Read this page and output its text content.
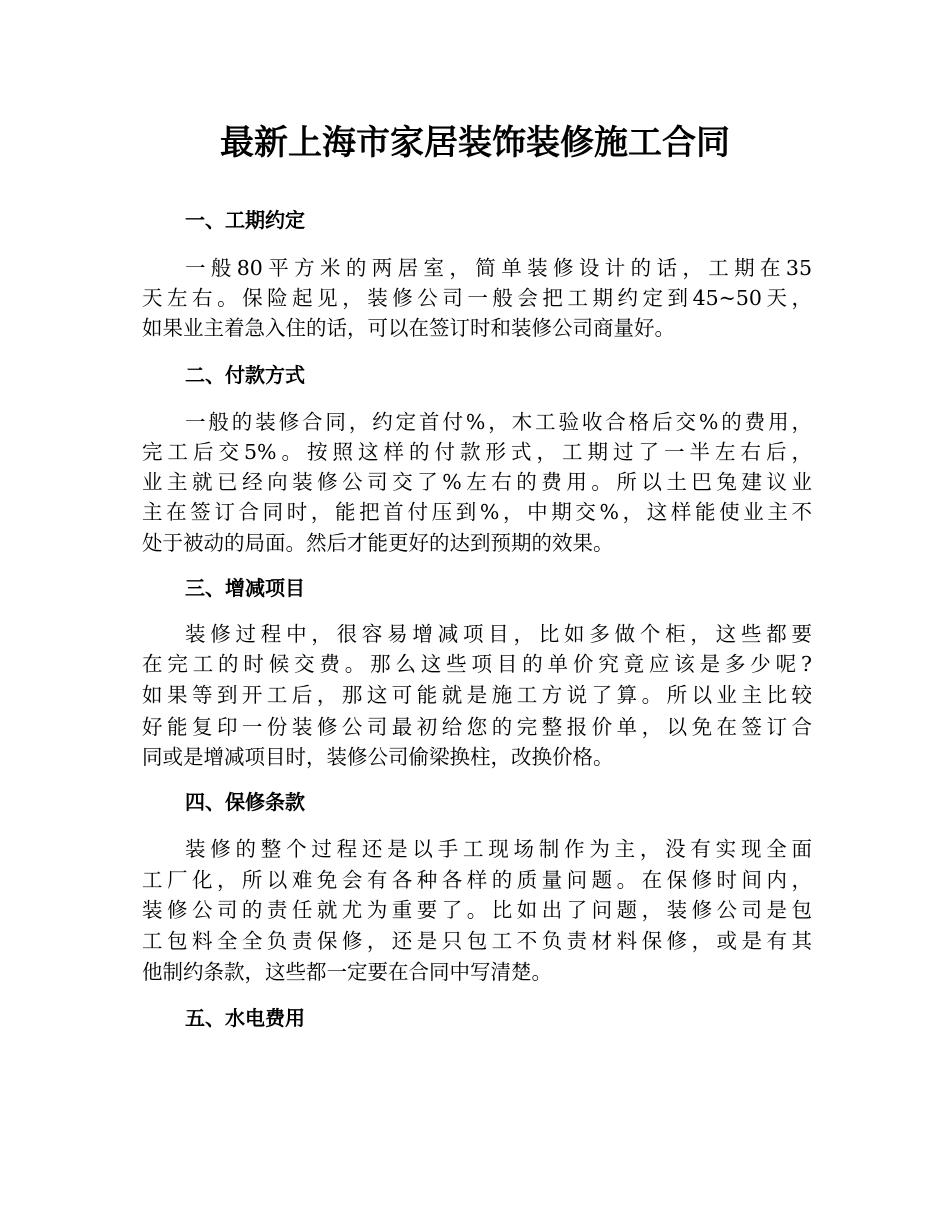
最新上海市家居装饰装修施工合同
一、工期约定
一般80平方米的两居室，简单装修设计的话，工期在35
天左右。保险起见，装修公司一般会把工期约定到45~50天，
如果业主着急入住的话，可以在签订时和装修公司商量好。
二、付款方式
一般的装修合同，约定首付%，木工验收合格后交%的费用，
完工后交5%。按照这样的付款形式，工期过了一半左右后，
业主就已经向装修公司交了%左右的费用。所以土巴兔建议业
主在签订合同时，能把首付压到%，中期交%，这样能使业主不
处于被动的局面。然后才能更好的达到预期的效果。
三、增减项目
装修过程中，很容易增减项目，比如多做个柜，这些都要
在完工的时候交费。那么这些项目的单价究竟应该是多少呢?
如果等到开工后，那这可能就是施工方说了算。所以业主比较
好能复印一份装修公司最初给您的完整报价单，以免在签订合
同或是增减项目时，装修公司偷梁换柱，改换价格。
四、保修条款
装修的整个过程还是以手工现场制作为主，没有实现全面
工厂化，所以难免会有各种各样的质量问题。在保修时间内，
装修公司的责任就尤为重要了。比如出了问题，装修公司是包
工包料全全负责保修，还是只包工不负责材料保修，或是有其
他制约条款，这些都一定要在合同中写清楚。
五、水电费用
